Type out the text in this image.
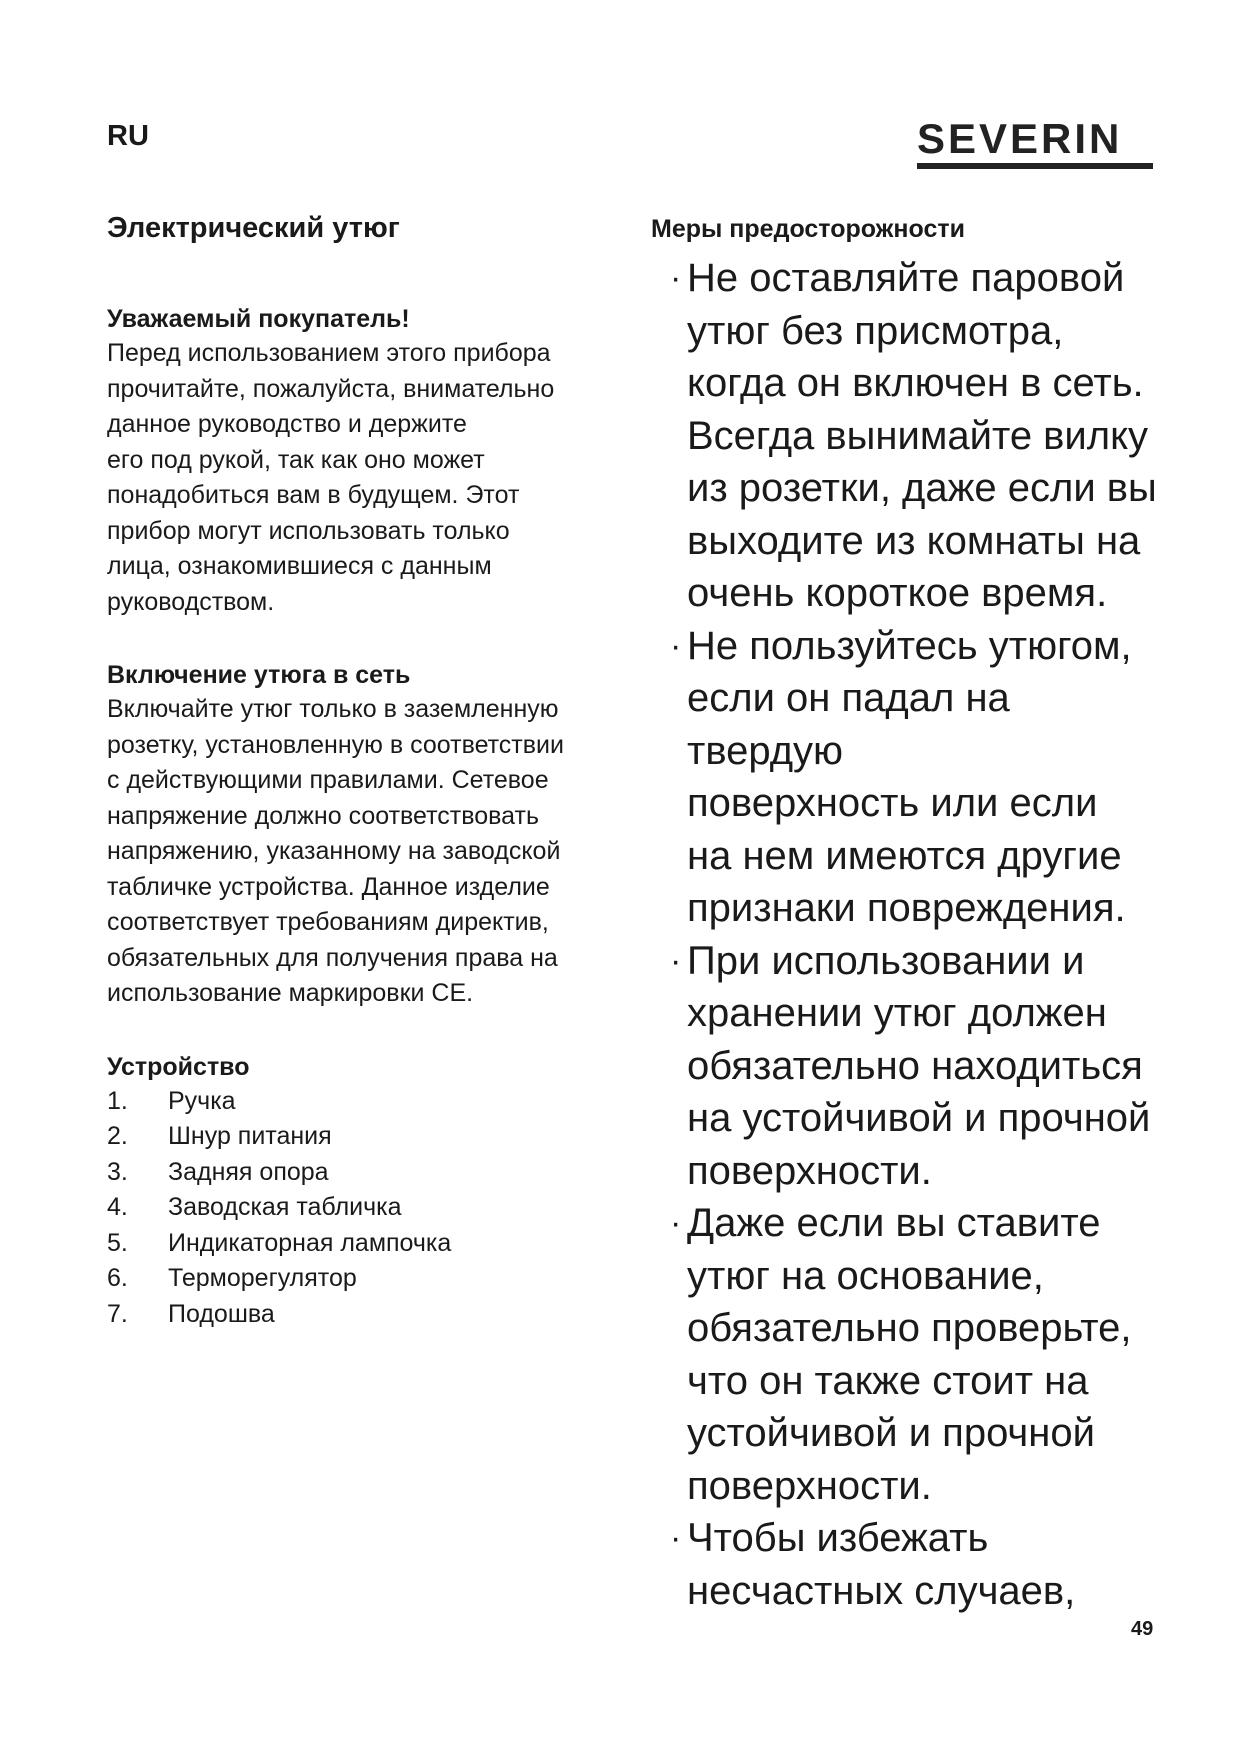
RU	SEVERIN
Электрический утюг
Уважаемый покупатель!
Перед использованием этого прибора
прочитайте, пожалуйста, внимательно
данное руководство и держите
его под рукой, так как оно может
понадобиться вам в будущем. Этот
прибор могут использовать только
лица, ознакомившиеся с данным
руководством.
Включение утюга в сеть
Включайте утюг только в заземленную
розетку, установленную в соответствии
с действующими правилами. Сетевое
напряжение должно соответствовать
напряжению, указанному на заводской
табличке устройства. Данное изделие
соответствует требованиям директив,
обязательных для получения права на
использование маркировки CE.
Устройство
1.	Ручка
2.	Шнур питания
3.	Задняя опора
4.	Заводская табличка
5.	Индикаторная лампочка
6.	Терморегулятор
7.	Подошва
Меры предосторожности
· Не оставляйте паровой
утюг без присмотра,
когда он включен в сеть.
Всегда вынимайте вилку
из розетки, даже если вы
выходите из комнаты на
очень короткое время.
· Не пользуйтесь утюгом,
если он падал на твердую
поверхность или если
на нем имеются другие
признаки повреждения.
· При использовании и
хранении утюг должен
обязательно находиться
на устойчивой и прочной
поверхности.
· Даже если вы ставите
утюг на основание,
обязательно проверьте,
что он также стоит на
устойчивой и прочной
поверхности.
· Чтобы избежать
несчастных случаев,
49
